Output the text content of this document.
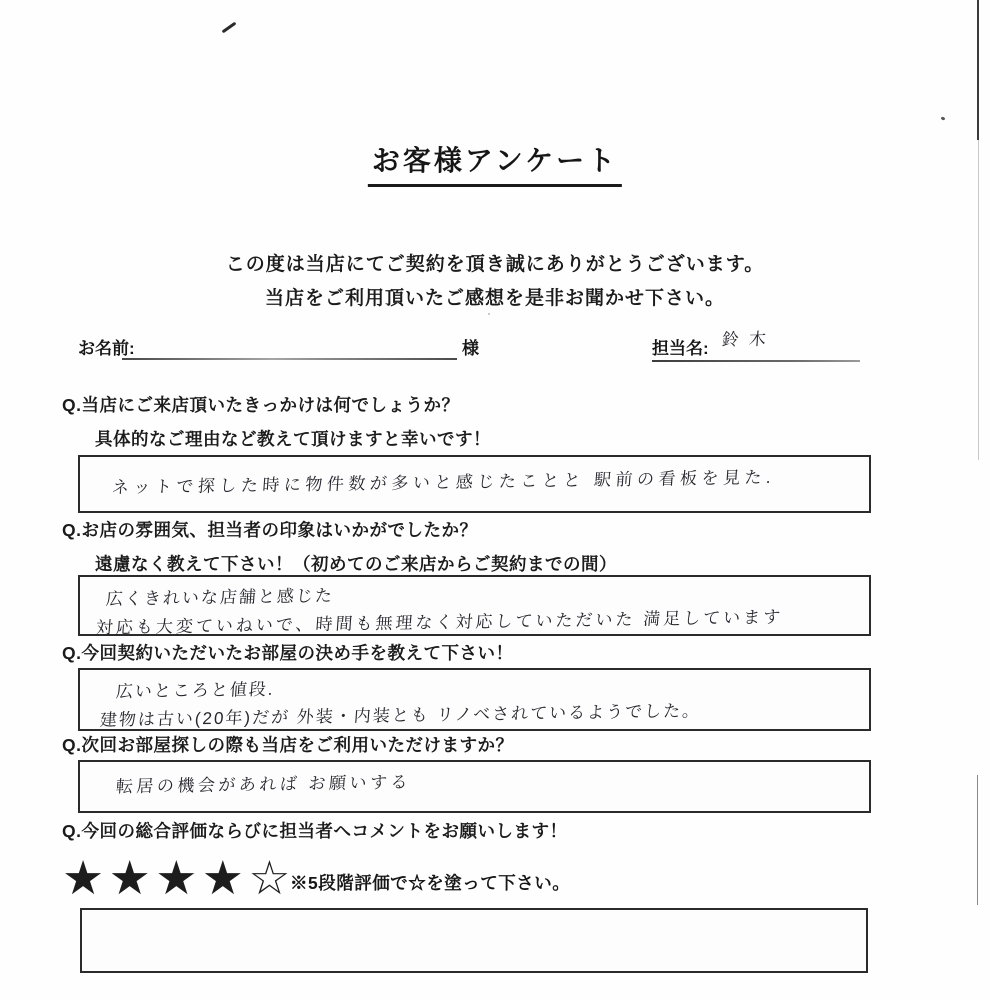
お客様アンケート
この度は当店にてご契約を頂き誠にありがとうございます。
当店をご利用頂いたご感想を是非お聞かせ下さい。
お名前:	様	担当名: 鈴木
Q.当店にご来店頂いたきっかけは何でしょうか？
具体的なご理由など教えて頂けますと幸いです！
ネットで探した時に物件数が多いと感じたことと 駅前の看板を見た.
Q.お店の雰囲気、担当者の印象はいかがでしたか？
遠慮なく教えて下さい！（初めてのご来店からご契約までの間）
広くきれいな店舗と感じた
対応も大変ていねいで、時間も無理なく対応していただいた 満足しています
Q.今回契約いただいたお部屋の決め手を教えて下さい！
広いところと値段.
建物は古い(20年)だが 外装・内装とも リノベされているようでした。
Q.次回お部屋探しの際も当店をご利用いただけますか？
転居の機会があれば お願いする
Q.今回の総合評価ならびに担当者へコメントをお願いします！
★ ★ ★ ★ ☆ ※5段階評価で☆を塗って下さい。
